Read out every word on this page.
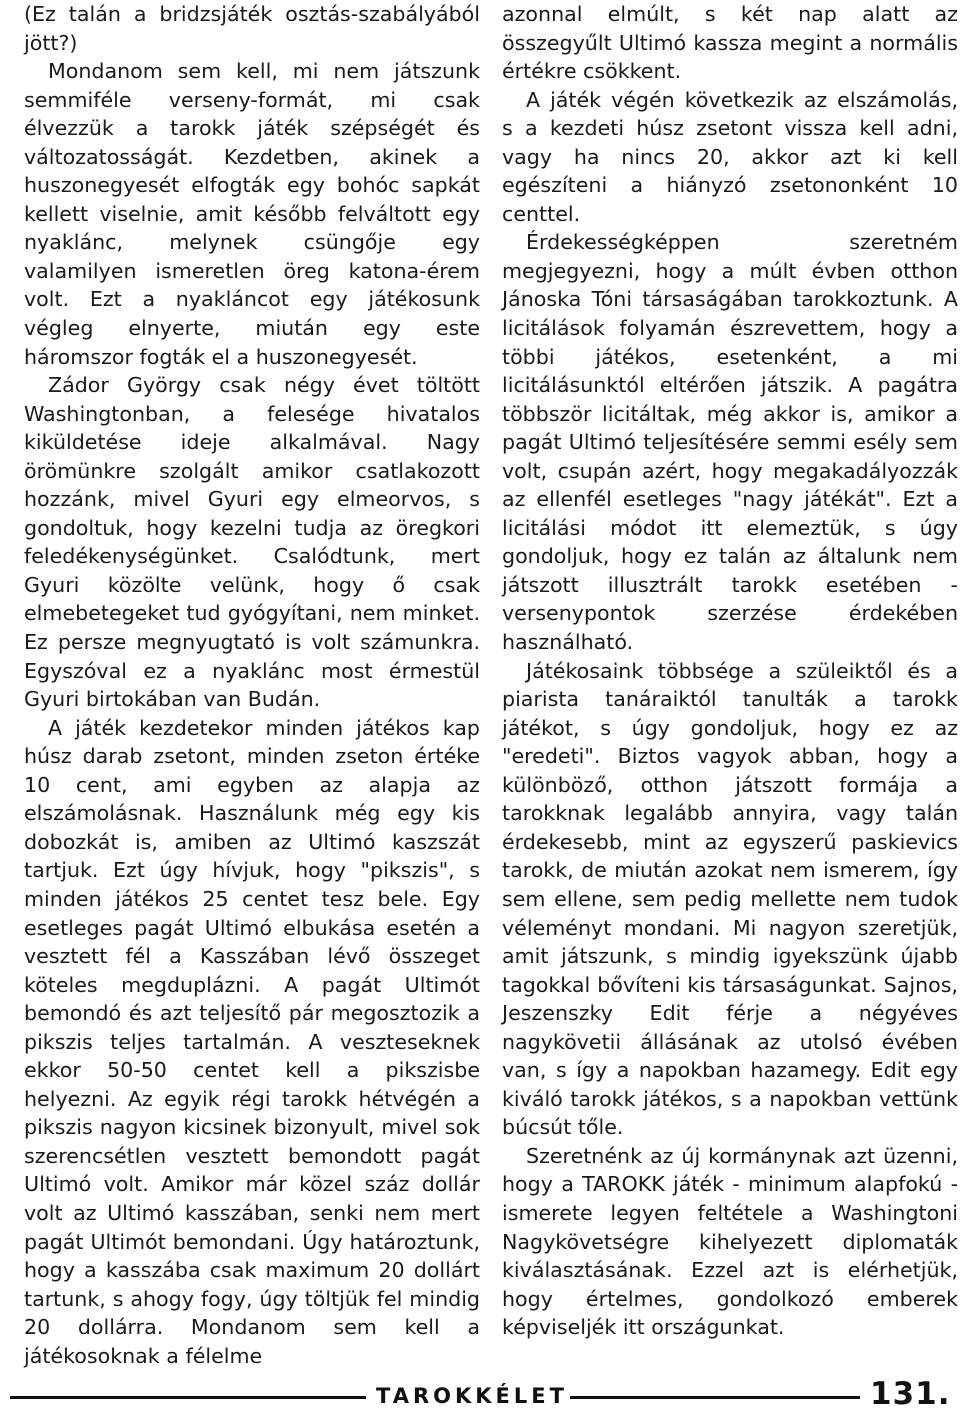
(Ez talán a bridzsjáték osztás-szabályából jött?)

Mondanom sem kell, mi nem játszunk semmiféle verseny-formát, mi csak élvezzük a tarokk játék szépségét és változatosságát. Kezdetben, akinek a huszonegyesét elfogták egy bohóc sapkát kellett viselnie, amit később felváltott egy nyaklánc, melynek csüngője egy valamilyen ismeretlen öreg katona-érem volt. Ezt a nyakláncot egy játékosunk végleg elnyerte, miután egy este háromszor fogták el a huszonegyesét.

Zádor György csak négy évet töltött Washingtonban, a felesége hivatalos kiküldetése ideje alkalmával. Nagy örömünkre szolgált amikor csatlakozott hozzánk, mivel Gyuri egy elmeorvos, s gondoltuk, hogy kezelni tudja az öregkori feledékenységünket. Csalódtunk, mert Gyuri közölte velünk, hogy ő csak elmebetegeket tud gyógyítani, nem minket. Ez persze megnyugtató is volt számunkra. Egyszóval ez a nyaklánc most érmestül Gyuri birtokában van Budán.

A játék kezdetekor minden játékos kap húsz darab zsetont, minden zseton értéke 10 cent, ami egyben az alapja az elszámolásnak. Használunk még egy kis dobozkát is, amiben az Ultimó kaszszát tartjuk. Ezt úgy hívjuk, hogy "pikszis", s minden játékos 25 centet tesz bele. Egy esetleges pagát Ultimó elbukása esetén a vesztett fél a Kasszában lévő összeget köteles megduplázni. A pagát Ultimót bemondó és azt teljesítő pár megosztozik a pikszis teljes tartalmán. A veszteseknek ekkor 50-50 centet kell a pikszisbe helyezni. Az egyik régi tarokk hétvégén a pikszis nagyon kicsinek bizonyult, mivel sok szerencsétlen vesztett bemondott pagát Ultimó volt. Amikor már közel száz dollár volt az Ultimó kasszában, senki nem mert pagát Ultimót bemondani. Úgy határoztunk, hogy a kasszába csak maximum 20 dollárt tartunk, s ahogy fogy, úgy töltjük fel mindig 20 dollárra. Mondanom sem kell a játékosoknak a félelme

azonnal elmúlt, s két nap alatt az összegyűlt Ultimó kassza megint a normális értékre csökkent.

A játék végén következik az elszámolás, s a kezdeti húsz zsetont vissza kell adni, vagy ha nincs 20, akkor azt ki kell egészíteni a hiányzó zsetononként 10 centtel.

Érdekességképpen szeretném megjegyezni, hogy a múlt évben otthon Jánoska Tóni társaságában tarokkoztunk. A licitálások folyamán észrevettem, hogy a többi játékos, esetenként, a mi licitálásunktól eltérően játszik. A pagátra többször licitáltak, még akkor is, amikor a pagát Ultimó teljesítésére semmi esély sem volt, csupán azért, hogy megakadályozzák az ellenfél esetleges "nagy játékát". Ezt a licitálási módot itt elemeztük, s úgy gondoljuk, hogy ez talán az általunk nem játszott illusztrált tarokk esetében - versenypontok szerzése érdekében használható.

Játékosaink többsége a szüleiktől és a piarista tanáraiktól tanulták a tarokk játékot, s úgy gondoljuk, hogy ez az "eredeti". Biztos vagyok abban, hogy a különböző, otthon játszott formája a tarokknak legalább annyira, vagy talán érdekesebb, mint az egyszerű paskievics tarokk, de miután azokat nem ismerem, így sem ellene, sem pedig mellette nem tudok véleményt mondani. Mi nagyon szeretjük, amit játszunk, s mindig igyekszünk újabb tagokkal bővíteni kis társaságunkat. Sajnos, Jeszenszky Edit férje a négyéves nagykövetii állásának az utolsó évében van, s így a napokban hazamegy. Edit egy kiváló tarokk játékos, s a napokban vettünk búcsút tőle.

Szeretnénk az új kormánynak azt üzenni, hogy a TAROKK játék - minimum alapfokú - ismerete legyen feltétele a Washingtoni Nagykövetségre kihelyezett diplomaták kiválasztásának. Ezzel azt is elérhetjük, hogy értelmes, gondolkozó emberek képviseljék itt országunkat.

TAROKKÉLET	131.
